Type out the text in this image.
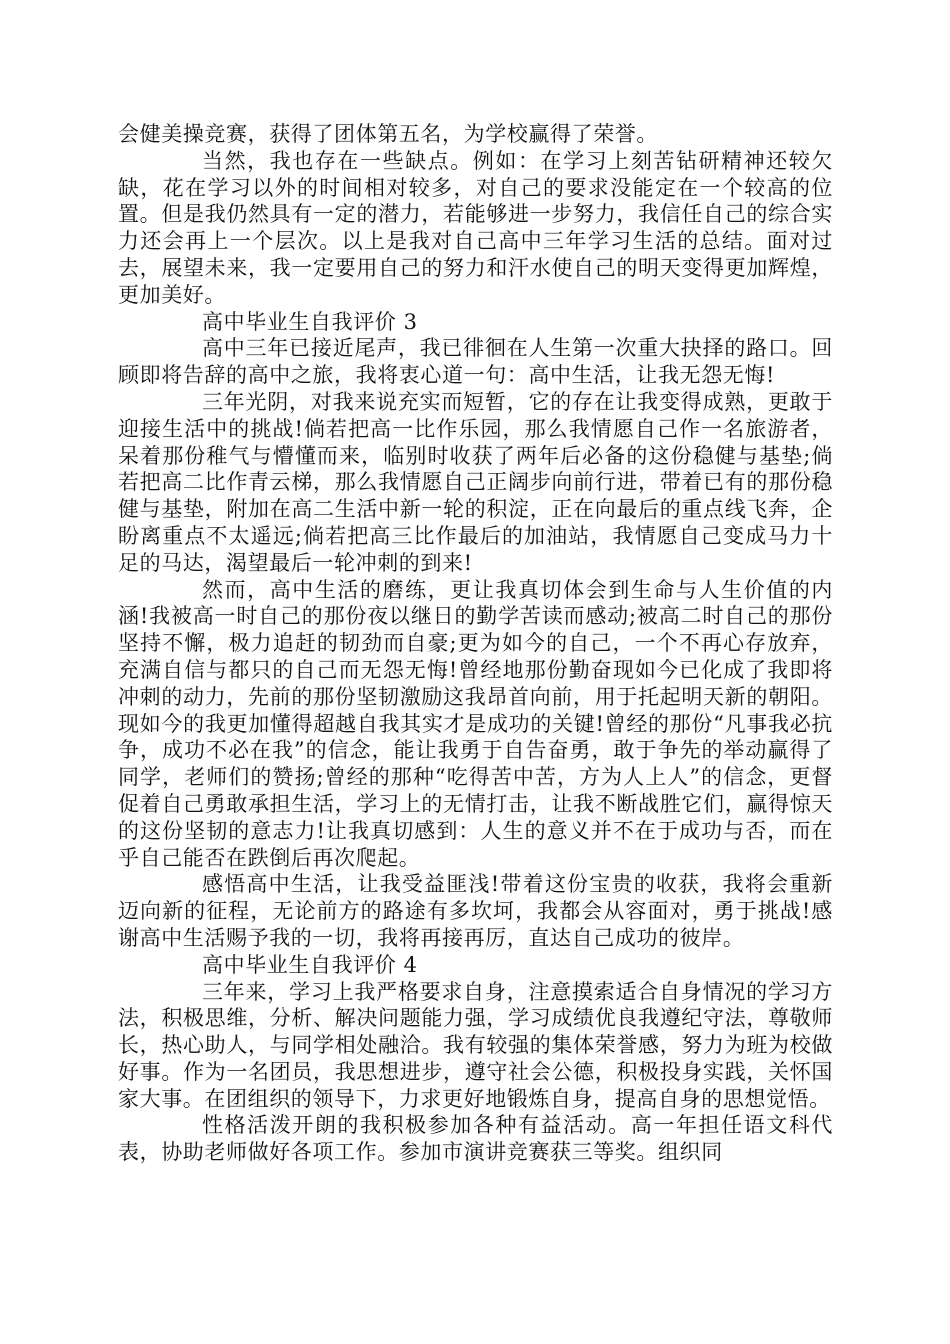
会健美操竞赛，获得了团体第五名，为学校赢得了荣誉。

当然，我也存在一些缺点。例如：在学习上刻苦钻研精神还较欠缺，花在学习以外的时间相对较多，对自己的要求没能定在一个较高的位置。但是我仍然具有一定的潜力，若能够进一步努力，我信任自己的综合实力还会再上一个层次。以上是我对自己高中三年学习生活的总结。面对过去，展望未来，我一定要用自己的努力和汗水使自己的明天变得更加辉煌，更加美好。

高中毕业生自我评价 3

高中三年已接近尾声，我已徘徊在人生第一次重大抉择的路口。回顾即将告辞的高中之旅，我将衷心道一句：高中生活，让我无怨无悔!

三年光阴，对我来说充实而短暂，它的存在让我变得成熟，更敢于迎接生活中的挑战!倘若把高一比作乐园，那么我情愿自己作一名旅游者，呆着那份稚气与懵懂而来，临别时收获了两年后必备的这份稳健与基垫;倘若把高二比作青云梯，那么我情愿自己正阔步向前行进，带着已有的那份稳健与基垫，附加在高二生活中新一轮的积淀，正在向最后的重点线飞奔，企盼离重点不太遥远;倘若把高三比作最后的加油站，我情愿自己变成马力十足的马达，渴望最后一轮冲刺的到来!

然而，高中生活的磨练，更让我真切体会到生命与人生价值的内涵!我被高一时自己的那份夜以继日的勤学苦读而感动;被高二时自己的那份坚持不懈，极力追赶的韧劲而自豪;更为如今的自己，一个不再心存放弃，充满自信与都只的自己而无怨无悔!曾经地那份勤奋现如今已化成了我即将冲刺的动力，先前的那份坚韧激励这我昂首向前，用于托起明天新的朝阳。现如今的我更加懂得超越自我其实才是成功的关键!曾经的那份“凡事我必抗争，成功不必在我”的信念，能让我勇于自告奋勇，敢于争先的举动赢得了同学，老师们的赞扬;曾经的那种“吃得苦中苦，方为人上人”的信念，更督促着自己勇敢承担生活，学习上的无情打击，让我不断战胜它们，赢得惊天的这份坚韧的意志力!让我真切感到：人生的意义并不在于成功与否，而在乎自己能否在跌倒后再次爬起。

感悟高中生活，让我受益匪浅!带着这份宝贵的收获，我将会重新迈向新的征程，无论前方的路途有多坎坷，我都会从容面对，勇于挑战!感谢高中生活赐予我的一切，我将再接再厉，直达自己成功的彼岸。

高中毕业生自我评价 4

三年来，学习上我严格要求自身，注意摸索适合自身情况的学习方法，积极思维，分析、解决问题能力强，学习成绩优良我遵纪守法，尊敬师长，热心助人，与同学相处融洽。我有较强的集体荣誉感，努力为班为校做好事。作为一名团员，我思想进步，遵守社会公德，积极投身实践，关怀国家大事。在团组织的领导下，力求更好地锻炼自身，提高自身的思想觉悟。

性格活泼开朗的我积极参加各种有益活动。高一年担任语文科代表，协助老师做好各项工作。参加市演讲竞赛获三等奖。组织同
